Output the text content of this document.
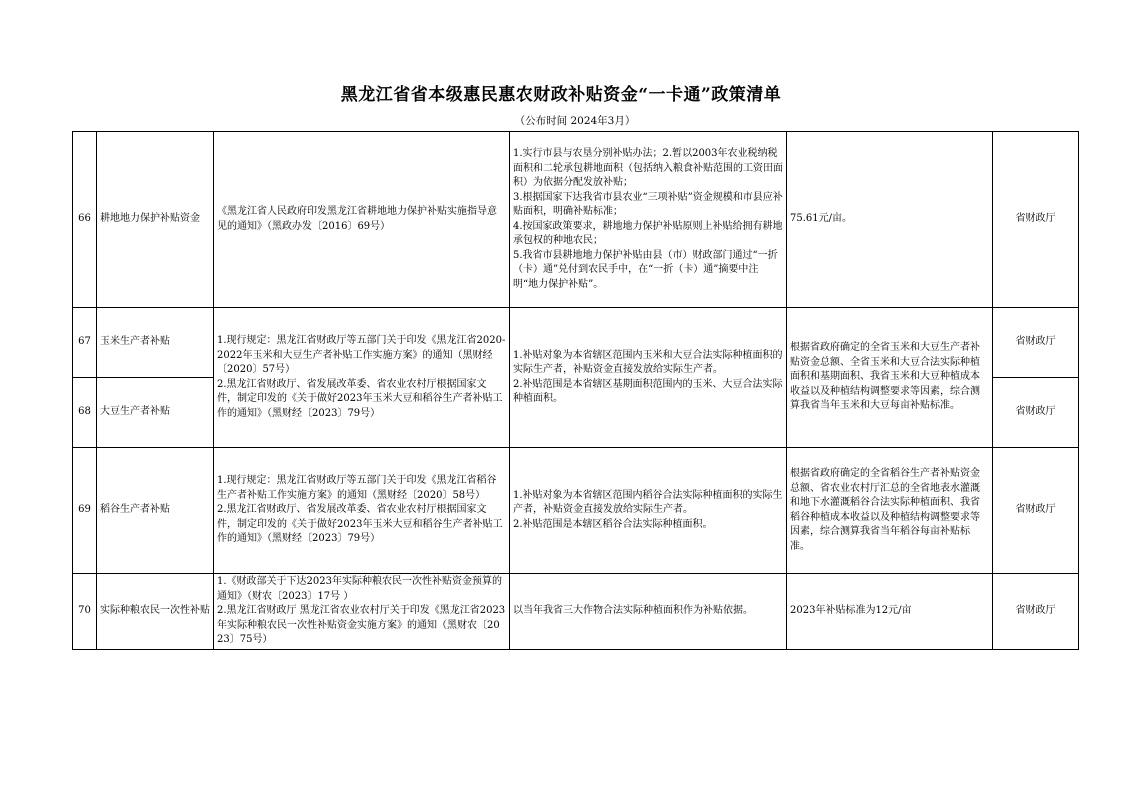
黑龙江省省本级惠民惠农财政补贴资金“一卡通”政策清单
（公布时间 2024年3月）
66	耕地地力保护补贴资金	《黑龙江省人民政府印发黑龙江省耕地地力保护补贴实施指导意见的通知》（黑政办发〔2016〕69号）	1.实行市县与农垦分别补贴办法；2.暂以2003年农业税纳税面积和二轮承包耕地面积（包括纳入粮食补贴范围的工资田面积）为依据分配发放补贴；
3.根据国家下达我省市县农业“三项补贴”资金规模和市县应补贴面积，明确补贴标准；
4.按国家政策要求，耕地地力保护补贴原则上补贴给拥有耕地承包权的种地农民；
5.我省市县耕地地力保护补贴由县（市）财政部门通过“一折（卡）通”兑付到农民手中，在“一折（卡）通”摘要中注明“地力保护补贴”。	75.61元/亩。	省财政厅
67	玉米生产者补贴	1.现行规定：黑龙江省财政厅等五部门关于印发《黑龙江省2020-2022年玉米和大豆生产者补贴工作实施方案》的通知（黑财经〔2020〕57号）
2.黑龙江省财政厅、省发展改革委、省农业农村厅根据国家文件，制定印发的《关于做好2023年玉米大豆和稻谷生产者补贴工作的通知》（黑财经〔2023〕79号）	1.补贴对象为本省辖区范围内玉米和大豆合法实际种植面积的实际生产者，补贴资金直接发放给实际生产者。
2.补贴范围是本省辖区基期面积范围内的玉米、大豆合法实际种植面积。	根据省政府确定的全省玉米和大豆生产者补贴资金总额、全省玉米和大豆合法实际种植面积和基期面积、我省玉米和大豆种植成本收益以及种植结构调整要求等因素，综合测算我省当年玉米和大豆每亩补贴标准。	省财政厅
68	大豆生产者补贴				省财政厅
69	稻谷生产者补贴	1.现行规定：黑龙江省财政厅等五部门关于印发《黑龙江省稻谷生产者补贴工作实施方案》的通知（黑财经〔2020〕58号）
2.黑龙江省财政厅、省发展改革委、省农业农村厅根据国家文件，制定印发的《关于做好2023年玉米大豆和稻谷生产者补贴工作的通知》（黑财经〔2023〕79号）	1.补贴对象为本省辖区范围内稻谷合法实际种植面积的实际生产者，补贴资金直接发放给实际生产者。
2.补贴范围是本辖区稻谷合法实际种植面积。	根据省政府确定的全省稻谷生产者补贴资金总额、省农业农村厅汇总的全省地表水灌溉和地下水灌溉稻谷合法实际种植面积、我省稻谷种植成本收益以及种植结构调整要求等因素，综合测算我省当年稻谷每亩补贴标准。	省财政厅
70	实际种粮农民一次性补贴	1.《财政部关于下达2023年实际种粮农民一次性补贴资金预算的通知》（财农〔2023〕17号 ）
2.黑龙江省财政厅 黑龙江省农业农村厅关于印发《黑龙江省2023年实际种粮农民一次性补贴资金实施方案》的通知（黑财农〔2023〕75号）	以当年我省三大作物合法实际种植面积作为补贴依据。	2023年补贴标准为12元/亩	省财政厅
